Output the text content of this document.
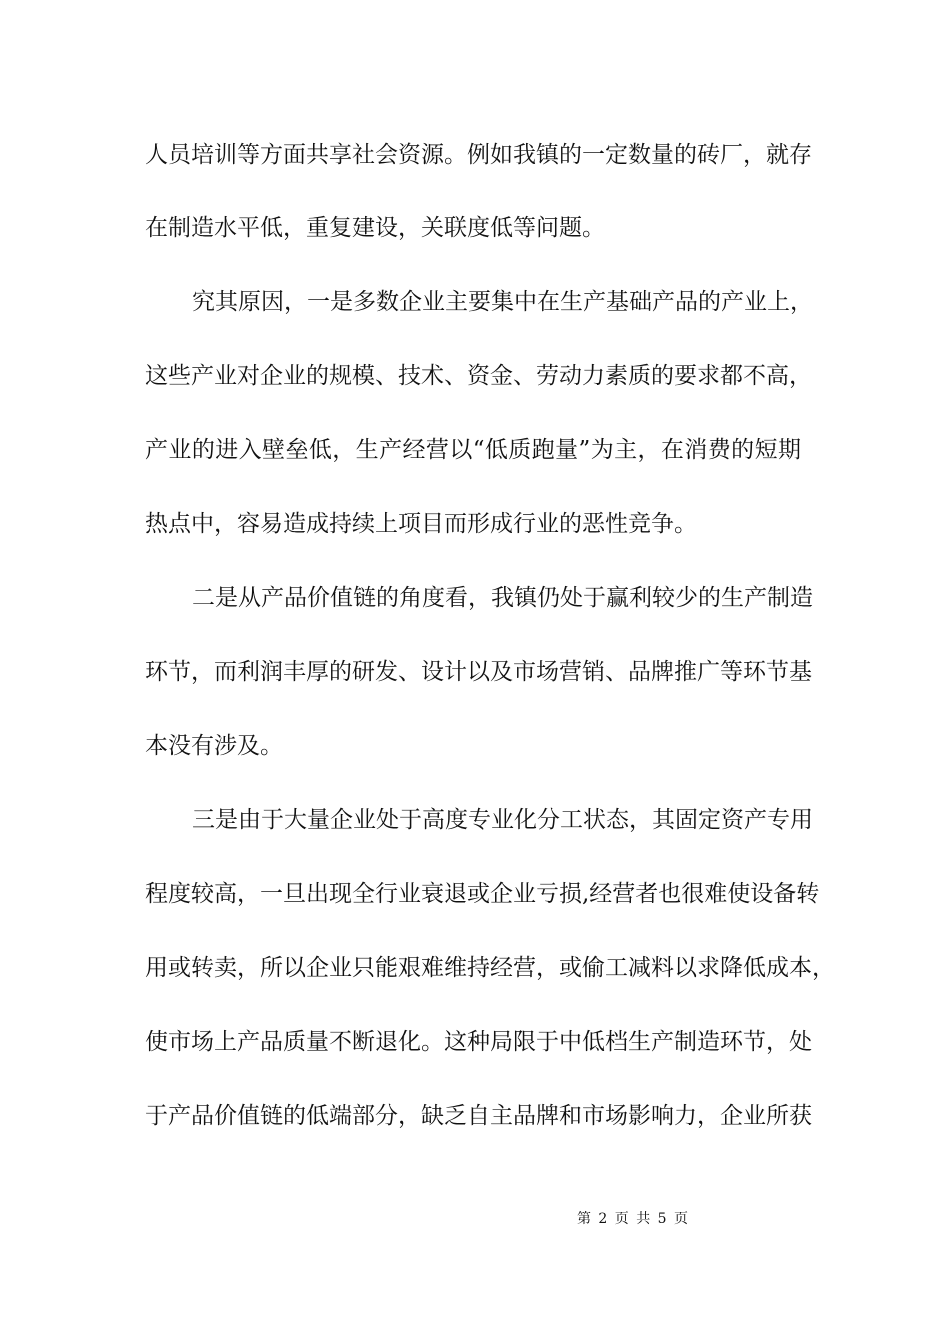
人员培训等方面共享社会资源。例如我镇的一定数量的砖厂，就存
在制造水平低，重复建设，关联度低等问题。
究其原因，一是多数企业主要集中在生产基础产品的产业上，
这些产业对企业的规模、技术、资金、劳动力素质的要求都不高，
产业的进入壁垒低，生产经营以“低质跑量”为主，在消费的短期
热点中，容易造成持续上项目而形成行业的恶性竞争。
二是从产品价值链的角度看，我镇仍处于赢利较少的生产制造
环节，而利润丰厚的研发、设计以及市场营销、品牌推广等环节基
本没有涉及。
三是由于大量企业处于高度专业化分工状态，其固定资产专用
程度较高，一旦出现全行业衰退或企业亏损,经营者也很难使设备转
用或转卖，所以企业只能艰难维持经营，或偷工减料以求降低成本，
使市场上产品质量不断退化。这种局限于中低档生产制造环节，处
于产品价值链的低端部分，缺乏自主品牌和市场影响力，企业所获
第 2 页 共 5 页
